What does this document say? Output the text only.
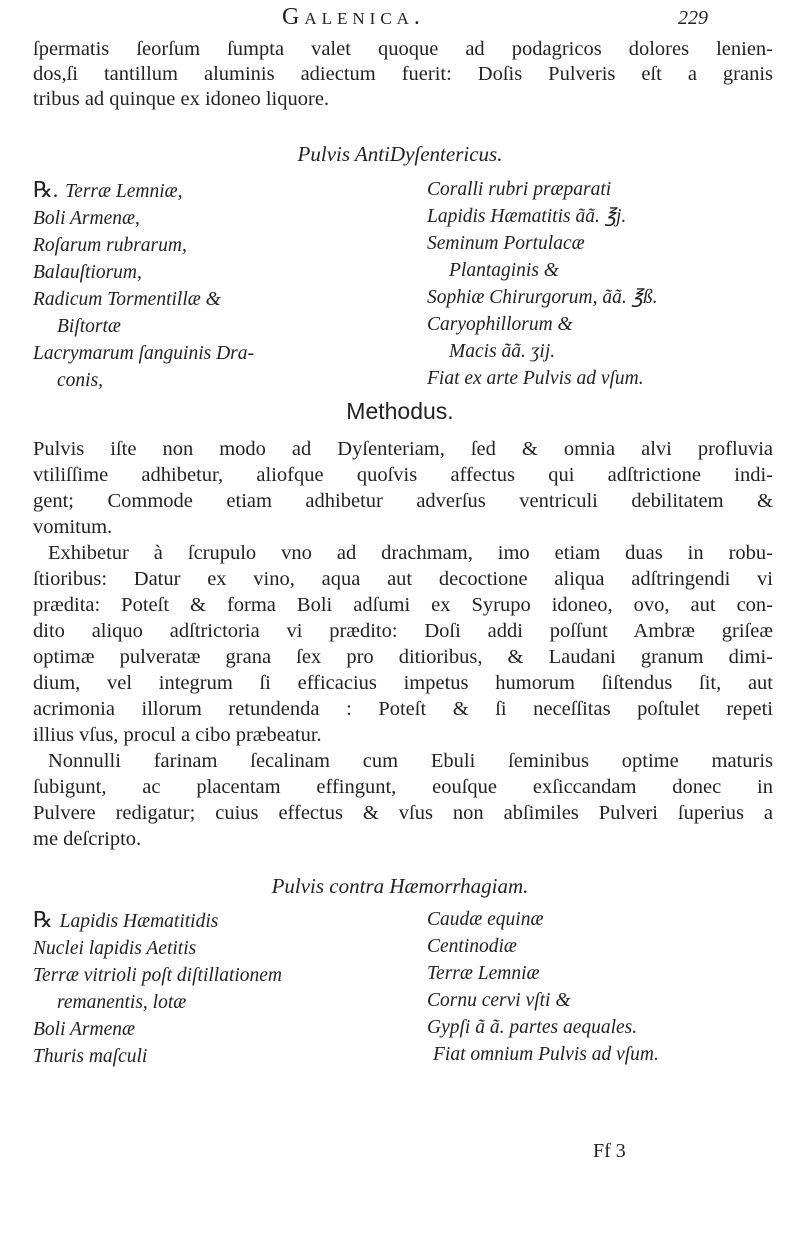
Galenica.	229
ſpermatis ſeorſum ſumpta valet quoque ad podagricos dolores lenien-
dos,ſi tantillum aluminis adiectum fuerit: Doſis Pulveris eſt a granis
tribus ad quinque ex idoneo liquore.
Pulvis AntiDyſentericus.
℞. Terræ Lemniæ,
Boli Armenæ,
Roſarum rubrarum,
Balauſtiorum,
Radicum Tormentillæ &
Biſtortæ
Lacrymarum ſanguinis Dra-
conis,
Coralli rubri præparati
Lapidis Hæmatitis ãã. ℥j.
Seminum Portulacæ
Plantaginis &
Sophiæ Chirurgorum, ãã. ℥ß.
Caryophillorum &
Macis ãã. ʒij.
Fiat ex arte Pulvis ad vſum.
Methodus.
Pulvis iſte non modo ad Dyſenteriam, ſed & omnia alvi profluvia
vtiliſſime adhibetur, aliofque quoſvis affectus qui adſtrictione indi-
gent; Commode etiam adhibetur adverſus ventriculi debilitatem &
vomitum.
Exhibetur à ſcrupulo vno ad drachmam, imo etiam duas in robu-
ſtioribus: Datur ex vino, aqua aut decoctione aliqua adſtringendi vi
prædita: Poteſt & forma Boli adſumi ex Syrupo idoneo, ovo, aut con-
dito aliquo adſtrictoria vi prædito: Doſi addi poſſunt Ambræ griſeæ
optimæ pulveratæ grana ſex pro ditioribus, & Laudani granum dimi-
dium, vel integrum ſi efficacius impetus humorum ſiſtendus ſit, aut
acrimonia illorum retundenda : Poteſt & ſi neceſſitas poſtulet repeti
illius vſus, procul a cibo præbeatur.
Nonnulli farinam ſecalinam cum Ebuli ſeminibus optime maturis
ſubigunt, ac placentam effingunt, eouſque exſiccandam donec in
Pulvere redigatur; cuius effectus & vſus non abſimiles Pulveri ſuperius a
me deſcripto.
Pulvis contra Hæmorrhagiam.
℞ Lapidis Hæmatitidis
Nuclei lapidis Aetitis
Terræ vitrioli poſt diſtillationem
remanentis, lotæ
Boli Armenæ
Thuris maſculi
Caudæ equinæ
Centinodiæ
Terræ Lemniæ
Cornu cervi vſti &
Gypſi ã ã. partes aequales.
Fiat omnium Pulvis ad vſum.
Ff 3
